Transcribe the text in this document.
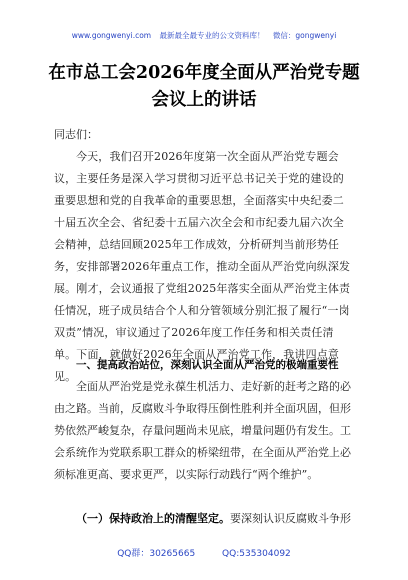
www.gongwenyi.com 最新最全最专业的公文资料库！ 微信：gongwenyi
在市总工会2026年度全面从严治党专题
会议上的讲话
同志们：
今天，我们召开2026年度第一次全面从严治党专题会议，主要任务是深入学习贯彻习近平总书记关于党的建设的重要思想和党的自我革命的重要思想，全面落实中央纪委二十届五次全会、省纪委十五届六次全会和市纪委九届六次全会精神，总结回顾2025年工作成效，分析研判当前形势任务，安排部署2026年重点工作，推动全面从严治党向纵深发展。刚才，会议通报了党组2025年落实全面从严治党主体责任情况，班子成员结合个人和分管领域分别汇报了履行“一岗双责”情况，审议通过了2026年度工作任务和相关责任清单。下面，就做好2026年全面从严治党工作，我讲四点意见。
一、提高政治站位，深刻认识全面从严治党的极端重要性
全面从严治党是党永葆生机活力、走好新的赶考之路的必由之路。当前，反腐败斗争取得压倒性胜利并全面巩固，但形势依然严峻复杂，存量问题尚未见底，增量问题仍有发生。工会系统作为党联系职工群众的桥梁纽带，在全面从严治党上必须标准更高、要求更严，以实际行动践行“两个维护”。
（一）保持政治上的清醒坚定。要深刻认识反腐败斗争形
QQ群：30265665	QQ:535304092
